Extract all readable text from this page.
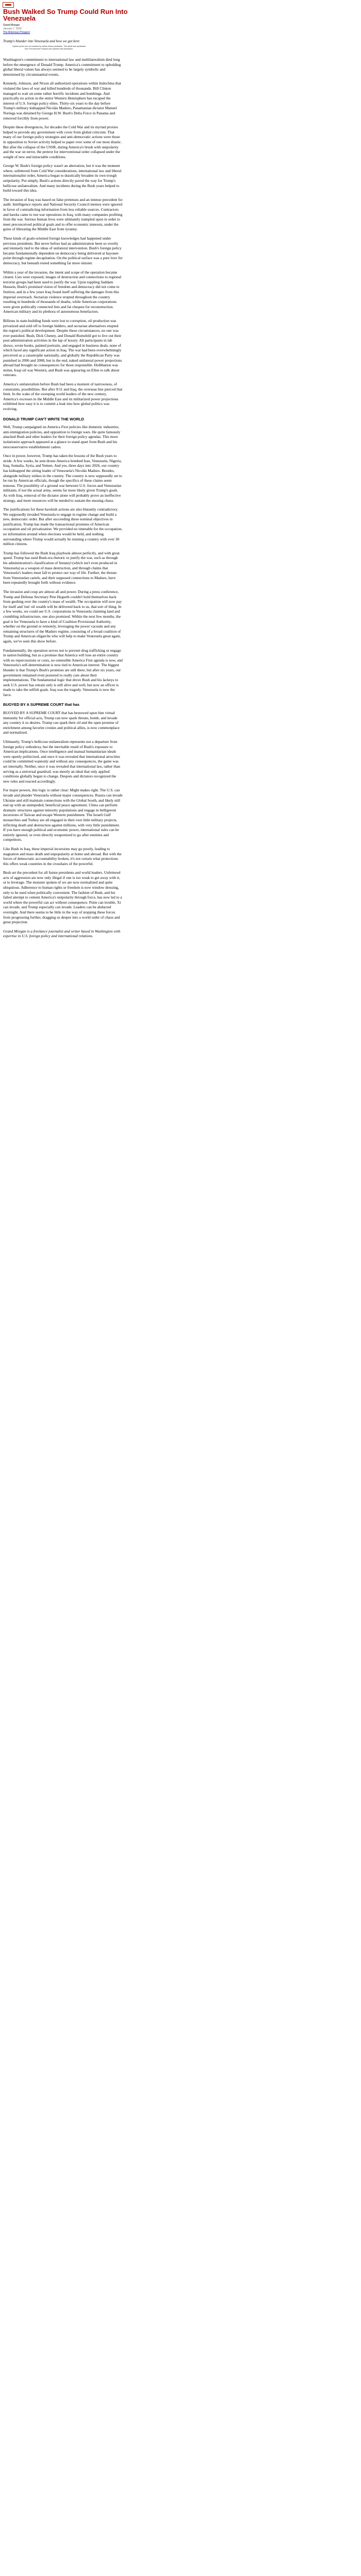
Bush Walked So Trump Could Run Into Venezuela
Grand Morgan
January 7, 2026
The American Prospect

Trump's blunder into Venezuela and how we got here

Opinion pieces are not reviewed by editors before publication. This article was syndicated from The American Prospect and reprinted with permission.

Washington's commitment to international law and multilateralism died long before the emergence of Donald Trump. America's commitment to upholding global liberal values has always seemed to be largely symbolic and determined by circumstantial events.

Kennedy, Johnson, and Nixon all authorized operations within Indochina that violated the laws of war and killed hundreds of thousands. Bill Clinton managed to wait on some rather horrific incidents and bombings. And practically no action in the entire Western Hemisphere has escaped the interest of U.S. foreign policy elites. Thirty-six years to the day before Trump's military kidnapped Nicolás Maduro, Panamanian dictator Manuel Noriega was detained by George H.W. Bush's Delta Force in Panama and removed forcibly from power.

Despite these divergences, for decades the Cold War and its myriad proxies helped to provide any government with cover from global criticism. That many of our foreign policy strategies and anti-democratic actions were those in opposition to Soviet activity helped to paper over some of our most drastic. But after the collapse of the USSR, during America's brush with unipolarity and the war on terror, the pretext for interventional order collapsed under the weight of new and intractable conditions.

George W. Bush's foreign policy wasn't an aberration, but it was the moment where, unfettered from Cold War considerations, international law and liberal internationalist order, America began to drastically broaden its own trough unipolarity. Put simply, Bush's actions directly paved the way for Trump's bellicose unilateralism. And many incidents during the Bush years helped to build toward this idea.

The invasion of Iraq was based on false pretenses and an intense precedent for audit. Intelligence reports and National Security Council memos were ignored in favor of contradicting information from less reliable sources. Contractors and hawks came to run war operations in Iraq, with many companies profiting from the war. Serious human lives were ultimately trampled upon in order to meet preconceived political goals and to offer economic interests, under the guise of liberating the Middle East from tyranny.

These kinds of goals-oriented foreign knowledges had happened under previous presidents. But never before had an administration been so overtly and intensely tied to the ideas of unilateral intervention. Bush's foreign policy became fundamentally dependent on democracy being delivered at bayonet-point through regime decapitation. On the political surface was a pure love for democracy, but beneath rested something far more sinister.

Within a year of the invasion, the intent and scope of the operation became clearer. Lies were exposed, images of destruction and connections to regional terrorist groups had been used to justify the war. Upon toppling Saddam Hussein, Bush's promised vision of freedom and democracy did not come to fruition, and in a few years Iraq found itself suffering the damages from this imperial overreach. Sectarian violence erupted throughout the country resulting in hundreds of thousands of deaths, while American corporations were given politically connected lists and fat cheques for reconstruction. American military and its plethora of autonomous benefactors.

Billions in state-building funds were lost to corruption, oil production was privatized and sold off to foreign bidders, and sectarian alternatives erupted the region's political development. Despite these circumstances, no one was ever punished. Bush, Dick Cheney, and Donald Rumsfeld got to live out their post-administration activities in the lap of luxury. All participants in lab shows, wrote books, painted portraits, and engaged in business deals, none of which faced any significant action in Iraq. The war had been overwhelmingly perceived as a catastrophe nationally, and globally the Republican Party was punished in 2006 and 2008, but in the end, naked unilateral power projections abroad had brought no consequences for those responsible. Holbbation was stolen, Iraqi oil was Western, and Bush was appearing on Ellen to talk about veterans.

America's unilateralism before Bush had been a moment of narrowness, of constraints, possibilities. But after 9/11 and Iraq, the overseas line pierced that limit. In the wake of the sweeping world leaders of the new century, America's excesses in the Middle East and its militarized power projections exhibited how easy it is to commit a leak into how global politics was evolving.

DONALD TRUMP CAN'T WRITE THE WORLD

Well, Trump campaigned on America First policies like domestic industries, anti-immigration policies, and opposition to foreign wars. He quite famously attacked Bush and other leaders for their foreign policy agendas. This more isolationist approach appeared at a glance to stand apart from Bush and his neoconservative establishment cadres.

Once in power, however, Trump has taken the lessons of the Bush years to stride. A few weeks, he sent drone-America bombed Iran, Venezuela, Nigeria, Iraq, Somalia, Syria, and Yemen. And yes, three days into 2026, our country has kidnapped the sitting leader of Venezuela's Nicolás Maduro. Besides, alongside military strikes in the country. The country is now supposedly set to be run by American officials, though the specifics of these claims seem tenuous. The possibility of a ground war between U.S. forces and Venezuelan militants, if not the actual army, seems far more likely given Trump's goals. As with Iraq, removal of the dictator alone will probably prove an ineffective strategy, and more resources will be needed to sustain the ensuing chaos.

The justifications for these hawkish actions are also blatantly contradictory. We supposedly invaded Venezuela to engage in regime change and build a new, democratic order. But after succeeding these nominal objectives in justification, Trump has made the transactional promises of American occupation and oil privatization. We provided no timetable for the occupation, no information around when elections would be held, and nothing surrounding where Trump would actually be running a country with over 30 million citizens.

Trump has followed the Bush Iraq playbook almost perfectly, and with great speed. Trump has used Bush-era rhetoric to justify the war, such as through his administration's classification of fentanyl (which isn't even produced in Venezuela) as a weapon of mass destruction, and through claims that Venezuela's leaders must fall to protect our way of life. Further, the threats from Venezuelan cartels, and their supposed connections to Maduro, have been repeatedly brought forth without evidence.

The invasion and coup are almost all and power. During a press conference, Trump and Defense Secretary Pete Hegseth couldn't hold themselves back from gushing over the country's mass of wealth. The occupation will now pay for itself and 'run' oil wealth will be delivered back to us, that sort of thing. In a few weeks, we could see U.S. corporations in Venezuela claiming land and crumbling infrastructure, one also promised. Within the next few months, the goal is for Venezuela to have a kind of Coalition Provisional Authority, whether on the ground or remotely, leveraging the power vacuum and any remaining structures of the Maduro regime, consisting of a broad coalition of Trump and American oligarchs who will help to make Venezuela great again, again, we've seen this show before.

Fundamentally, the operation serves not to prevent drug trafficking or engage in nation building, but as a promise that America will lose an entire country with no repercussions or costs, no ostensible America First agenda is now, and Venezuela's self-determination is now tied to American interest. The biggest blunder is that Trump's Bush's promises are still there, but after six years, our government remained even postured to really care about their implementations. The fundamental logic that drove Bush and his lackeys to seek U.S. power has retrain only is still alive and well, but now an officer is made to take the selfish goals. Iraq was the tragedy. Venezuela is now the farce.

BUOYED BY A SUPREME COURT that has

BUOYED BY A SUPREME COURT that has bestowed upon him virtual immunity for official acts, Trump can now spark threats, bomb, and invade any country it so desires. Trump can spark their oil and the open promise of enrichment among favorite cronies and political allies, is now commonplace and normalized.

Ultimately, Trump's bellicose unilateralism represents not a departure from foreign policy orthodoxy, but the inevitable result of Bush's exposure to American implications. Once intelligence and manual humanitarian ideals were openly politicized, and once it was revealed that international atrocities could be committed wantonly and without any consequences, the game was set internally. Neither, once it was revealed that international law, rather than serving as a universal guardrail, was merely an ideal that only applied conditions globally began to change. Despots and dictators recognized the new rules and reacted accordingly.

For major powers, this logic is rather clear: Might makes right. The U.S. can invade and plunder Venezuela without major consequences. Russia can invade Ukraine and still maintain connections with the Global South, and likely still end up with an unimpeded, beneficial peace agreement. China can perform dramatic structures against minority populations and engage in belligerent incursions of Taiwan and escape Western punishment. The Israeli Gulf monarchies and Turkey are all engaged in their own little military projects, inflicting death and destruction against millions, with very little punishment. If you have enough political and economic power, international rules can be entirely ignored, or even directly weaponized to go after enemies and competitors.

Like Bush in Iraq, these imperial incursions may go poorly, leading to stagnation and mass death and unpopularity at home and abroad. But with the forces of democratic accountability broken, it's not certain what protections this offers weak countries in the crosshairs of the powerful.

Bush set the precedent for all future presidents and world leaders. Unfettered acts of aggression are now only illegal if one is too weak to get away with it, or to leverage. The monster spoken of we are now normalized and quite ubiquitous. Adherence to human rights or freedom is now window dressing, only to be used when politically convenient. The fashion of Bush, and his failed attempt to cement America's unipolarity through force, has now led to a world where the powerful can act without consequence. Putin can trouble, Xi can invade, and Trump especially can invade. Leaders can be abducted overnight. And there seems to be little in the way of stopping these forces from progressing further, dragging us deeper into a world order of chaos and great projection.

Grand Morgan is a freelance journalist and writer based in Washington with expertise in U.S. foreign policy and international relations.
